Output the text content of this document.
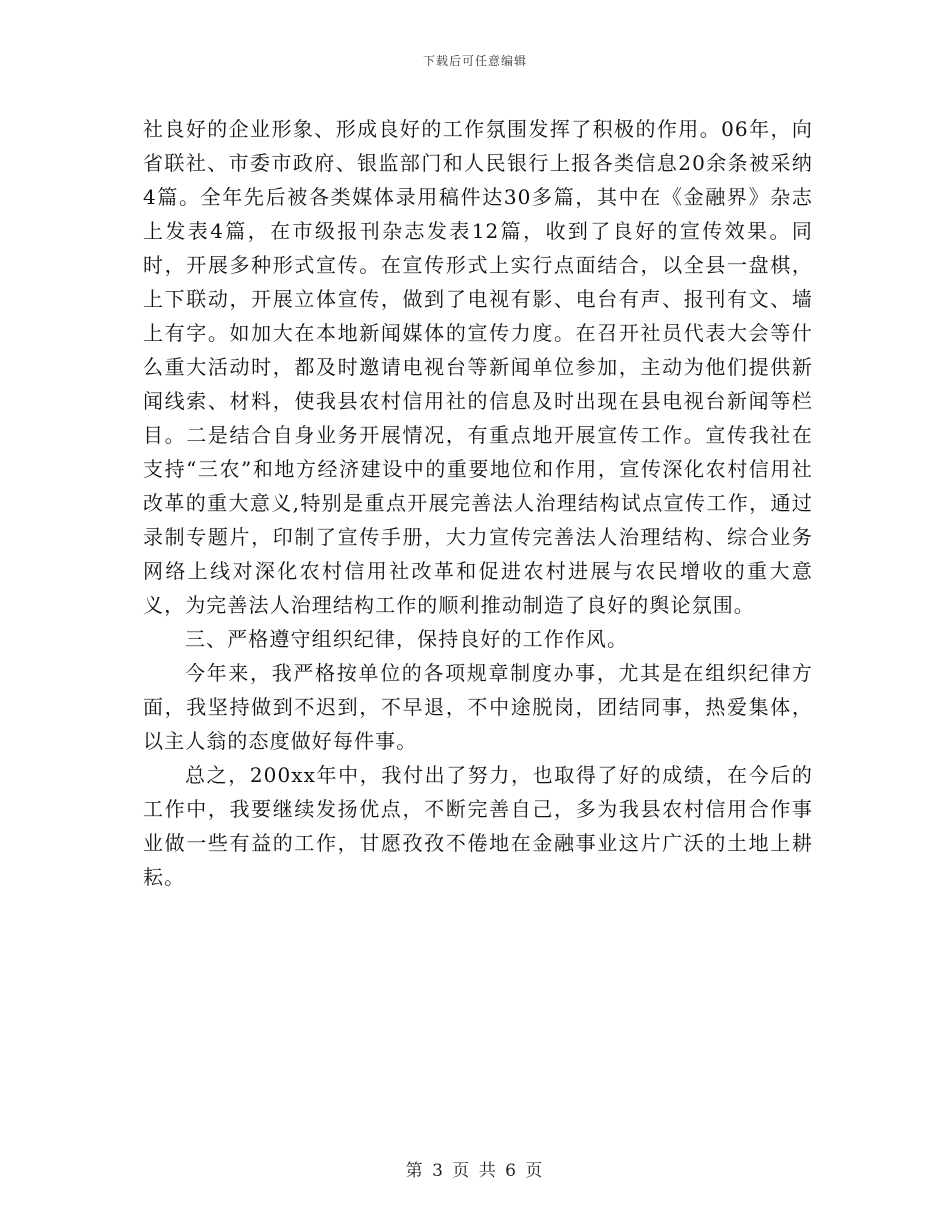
下载后可任意编辑

社良好的企业形象、形成良好的工作氛围发挥了积极的作用。06年，向省联社、市委市政府、银监部门和人民银行上报各类信息20余条被采纳4篇。全年先后被各类媒体录用稿件达30多篇，其中在《金融界》杂志上发表4篇，在市级报刊杂志发表12篇，收到了良好的宣传效果。同时，开展多种形式宣传。在宣传形式上实行点面结合，以全县一盘棋，上下联动，开展立体宣传，做到了电视有影、电台有声、报刊有文、墙上有字。如加大在本地新闻媒体的宣传力度。在召开社员代表大会等什么重大活动时，都及时邀请电视台等新闻单位参加，主动为他们提供新闻线索、材料，使我县农村信用社的信息及时出现在县电视台新闻等栏目。二是结合自身业务开展情况，有重点地开展宣传工作。宣传我社在支持“三农”和地方经济建设中的重要地位和作用，宣传深化农村信用社改革的重大意义,特别是重点开展完善法人治理结构试点宣传工作，通过录制专题片，印制了宣传手册，大力宣传完善法人治理结构、综合业务网络上线对深化农村信用社改革和促进农村进展与农民增收的重大意义，为完善法人治理结构工作的顺利推动制造了良好的舆论氛围。

三、严格遵守组织纪律，保持良好的工作作风。

今年来，我严格按单位的各项规章制度办事，尤其是在组织纪律方面，我坚持做到不迟到，不早退，不中途脱岗，团结同事，热爱集体，以主人翁的态度做好每件事。

总之，200xx年中，我付出了努力，也取得了好的成绩，在今后的工作中，我要继续发扬优点，不断完善自己，多为我县农村信用合作事业做一些有益的工作，甘愿孜孜不倦地在金融事业这片广沃的土地上耕耘。

第 3 页 共 6 页
